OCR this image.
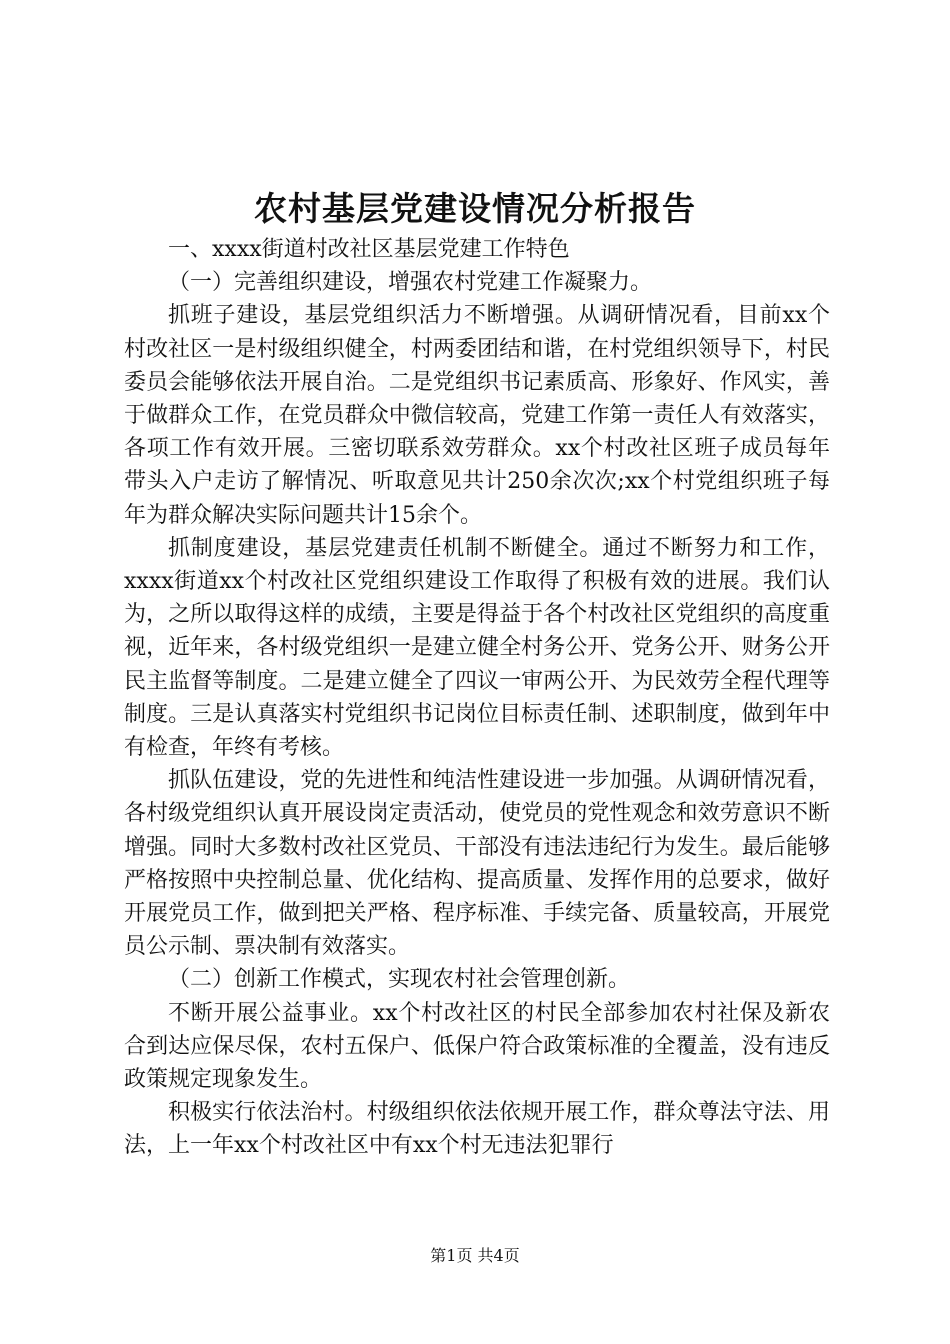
农村基层党建设情况分析报告

一、xxxx街道村改社区基层党建工作特色

（一）完善组织建设，增强农村党建工作凝聚力。

抓班子建设，基层党组织活力不断增强。从调研情况看，目前xx个村改社区一是村级组织健全，村两委团结和谐，在村党组织领导下，村民委员会能够依法开展自治。二是党组织书记素质高、形象好、作风实，善于做群众工作，在党员群众中微信较高，党建工作第一责任人有效落实，各项工作有效开展。三密切联系效劳群众。xx个村改社区班子成员每年带头入户走访了解情况、听取意见共计250余次次;xx个村党组织班子每年为群众解决实际问题共计15余个。

抓制度建设，基层党建责任机制不断健全。通过不断努力和工作，xxxx街道xx个村改社区党组织建设工作取得了积极有效的进展。我们认为，之所以取得这样的成绩，主要是得益于各个村改社区党组织的高度重视，近年来，各村级党组织一是建立健全村务公开、党务公开、财务公开民主监督等制度。二是建立健全了四议一审两公开、为民效劳全程代理等制度。三是认真落实村党组织书记岗位目标责任制、述职制度，做到年中有检查，年终有考核。

抓队伍建设，党的先进性和纯洁性建设进一步加强。从调研情况看，各村级党组织认真开展设岗定责活动，使党员的党性观念和效劳意识不断增强。同时大多数村改社区党员、干部没有违法违纪行为发生。最后能够严格按照中央控制总量、优化结构、提高质量、发挥作用的总要求，做好开展党员工作，做到把关严格、程序标准、手续完备、质量较高，开展党员公示制、票决制有效落实。

（二）创新工作模式，实现农村社会管理创新。

不断开展公益事业。xx个村改社区的村民全部参加农村社保及新农合到达应保尽保，农村五保户、低保户符合政策标准的全覆盖，没有违反政策规定现象发生。

积极实行依法治村。村级组织依法依规开展工作，群众尊法守法、用法，上一年xx个村改社区中有xx个村无违法犯罪行

第1页 共4页
